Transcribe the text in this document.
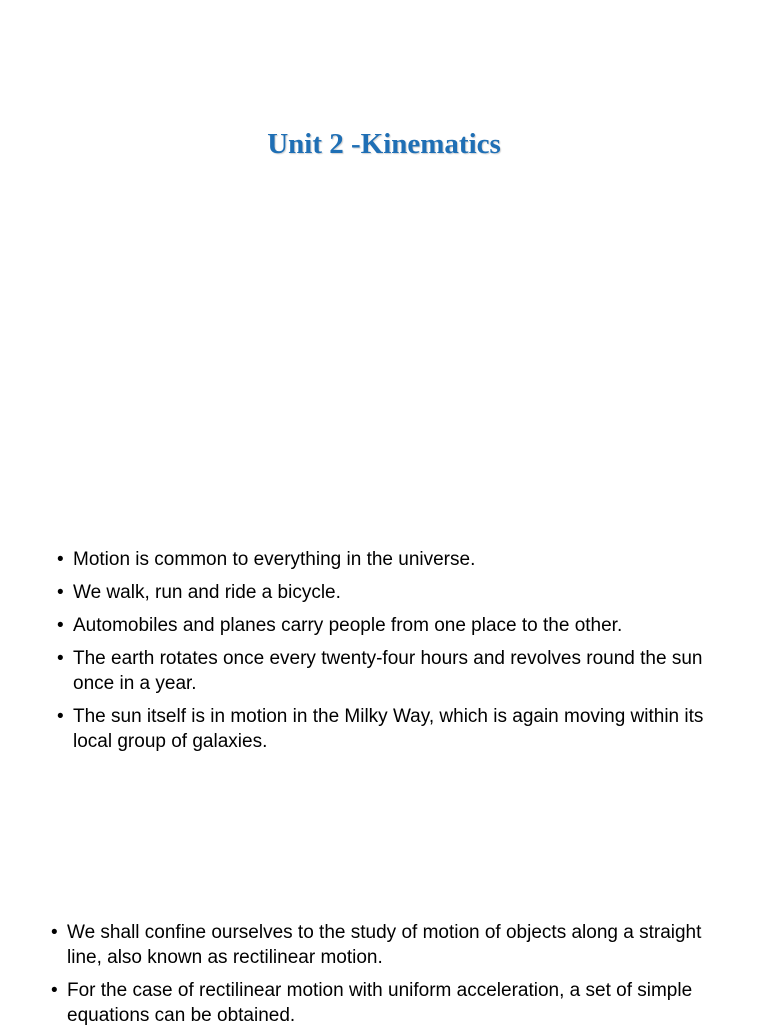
Unit 2 -Kinematics
• Motion is common to everything in the universe.
• We walk, run and ride a bicycle.
• Automobiles and planes carry people from one place to the other.
• The earth rotates once every twenty-four hours and revolves round the sun once in a year.
• The sun itself is in motion in the Milky Way, which is again moving within its local group of galaxies.
• We shall confine ourselves to the study of motion of objects along a straight line, also known as rectilinear motion.
• For the case of rectilinear motion with uniform acceleration, a set of simple equations can be obtained.
